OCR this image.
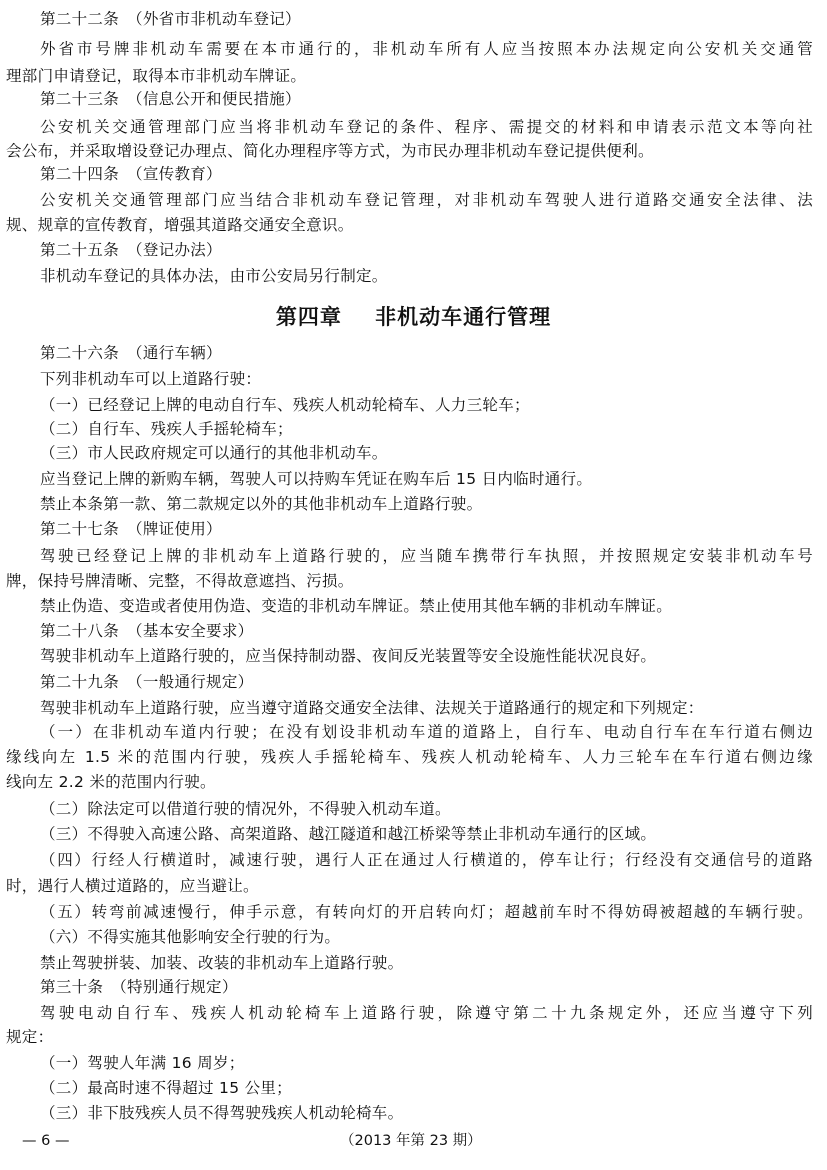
第二十二条　（外省市非机动车登记）
外省市号牌非机动车需要在本市通行的，非机动车所有人应当按照本办法规定向公安机关交通管
理部门申请登记，取得本市非机动车牌证。
第二十三条　（信息公开和便民措施）
公安机关交通管理部门应当将非机动车登记的条件、程序、需提交的材料和申请表示范文本等向社
会公布，并采取增设登记办理点、简化办理程序等方式，为市民办理非机动车登记提供便利。
第二十四条　（宣传教育）
公安机关交通管理部门应当结合非机动车登记管理，对非机动车驾驶人进行道路交通安全法律、法
规、规章的宣传教育，增强其道路交通安全意识。
第二十五条　（登记办法）
非机动车登记的具体办法，由市公安局另行制定。
第四章 非机动车通行管理
第二十六条　（通行车辆）
下列非机动车可以上道路行驶：
（一）已经登记上牌的电动自行车、残疾人机动轮椅车、人力三轮车；
（二）自行车、残疾人手摇轮椅车；
（三）市人民政府规定可以通行的其他非机动车。
应当登记上牌的新购车辆，驾驶人可以持购车凭证在购车后 15 日内临时通行。
禁止本条第一款、第二款规定以外的其他非机动车上道路行驶。
第二十七条　（牌证使用）
驾驶已经登记上牌的非机动车上道路行驶的，应当随车携带行车执照，并按照规定安装非机动车号
牌，保持号牌清晰、完整，不得故意遮挡、污损。
禁止伪造、变造或者使用伪造、变造的非机动车牌证。禁止使用其他车辆的非机动车牌证。
第二十八条　（基本安全要求）
驾驶非机动车上道路行驶的，应当保持制动器、夜间反光装置等安全设施性能状况良好。
第二十九条　（一般通行规定）
驾驶非机动车上道路行驶，应当遵守道路交通安全法律、法规关于道路通行的规定和下列规定：
（一）在非机动车道内行驶；在没有划设非机动车道的道路上，自行车、电动自行车在车行道右侧边
缘线向左 1.5 米的范围内行驶，残疾人手摇轮椅车、残疾人机动轮椅车、人力三轮车在车行道右侧边缘
线向左 2.2 米的范围内行驶。
（二）除法定可以借道行驶的情况外，不得驶入机动车道。
（三）不得驶入高速公路、高架道路、越江隧道和越江桥梁等禁止非机动车通行的区域。
（四）行经人行横道时，减速行驶，遇行人正在通过人行横道的，停车让行；行经没有交通信号的道路
时，遇行人横过道路的，应当避让。
（五）转弯前减速慢行，伸手示意，有转向灯的开启转向灯；超越前车时不得妨碍被超越的车辆行驶。
（六）不得实施其他影响安全行驶的行为。
禁止驾驶拼装、加装、改装的非机动车上道路行驶。
第三十条　（特别通行规定）
驾驶电动自行车、残疾人机动轮椅车上道路行驶，除遵守第二十九条规定外，还应当遵守下列
规定：
（一）驾驶人年满 16 周岁；
（二）最高时速不得超过 15 公里；
（三）非下肢残疾人员不得驾驶残疾人机动轮椅车。
— 6 —	（2013 年第 23 期）
